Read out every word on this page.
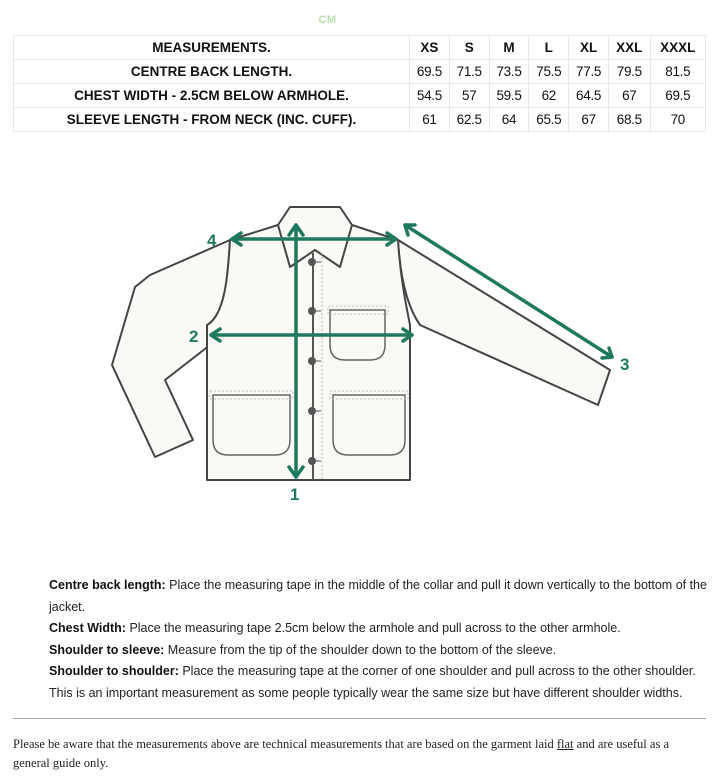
CM
MEASUREMENTS.	XS	S	M	L	XL	XXL	XXXL
CENTRE BACK LENGTH.	69.5	71.5	73.5	75.5	77.5	79.5	81.5
CHEST WIDTH - 2.5CM BELOW ARMHOLE.	54.5	57	59.5	62	64.5	67	69.5
SLEEVE LENGTH - FROM NECK (INC. CUFF).	61	62.5	64	65.5	67	68.5	70
1
2
3
4

Centre back length: Place the measuring tape in the middle of the collar and pull it down vertically to the bottom of the jacket.

Chest Width: Place the measuring tape 2.5cm below the armhole and pull across to the other armhole.

Shoulder to sleeve: Measure from the tip of the shoulder down to the bottom of the sleeve.

Shoulder to shoulder: Place the measuring tape at the corner of one shoulder and pull across to the other shoulder. This is an important measurement as some people typically wear the same size but have different shoulder widths.

Please be aware that the measurements above are technical measurements that are based on the garment laid flat and are useful as a general guide only.
